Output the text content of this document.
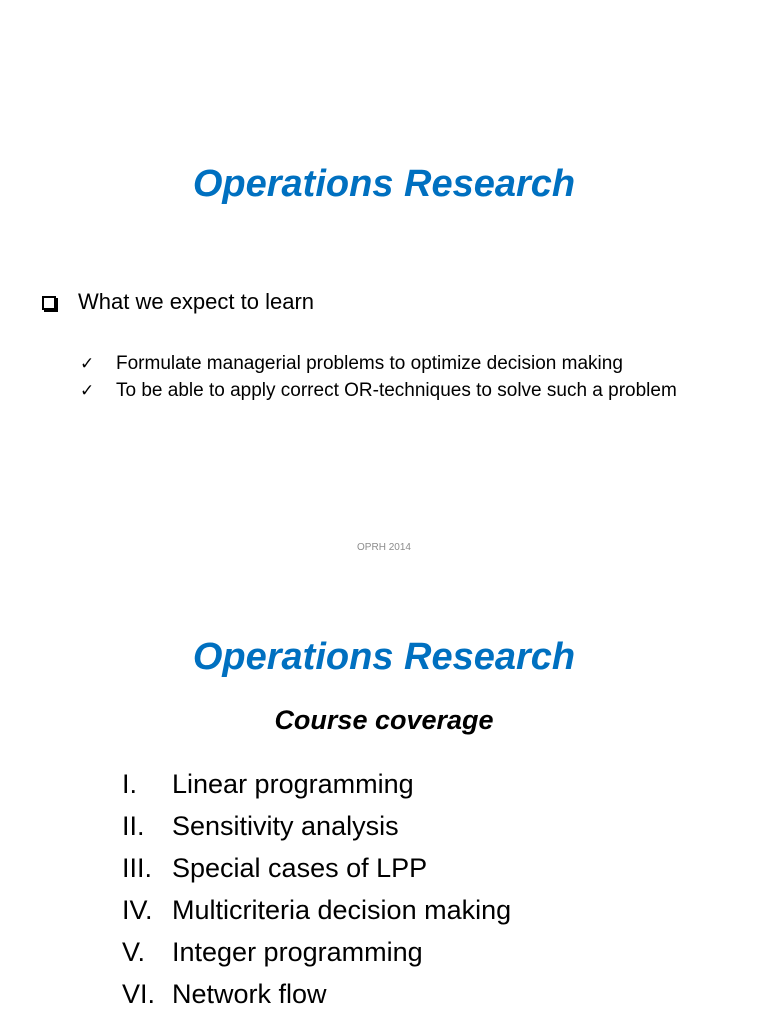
Operations Research
What we expect to learn
✓	Formulate managerial problems to optimize decision making
✓	To be able to apply correct OR-techniques to solve such a problem
OPRH 2014
Operations Research
Course coverage
I.	Linear programming
II.	Sensitivity analysis
III. Special cases of LPP
IV. Multicriteria decision making
V. Integer programming
VI. Network flow
